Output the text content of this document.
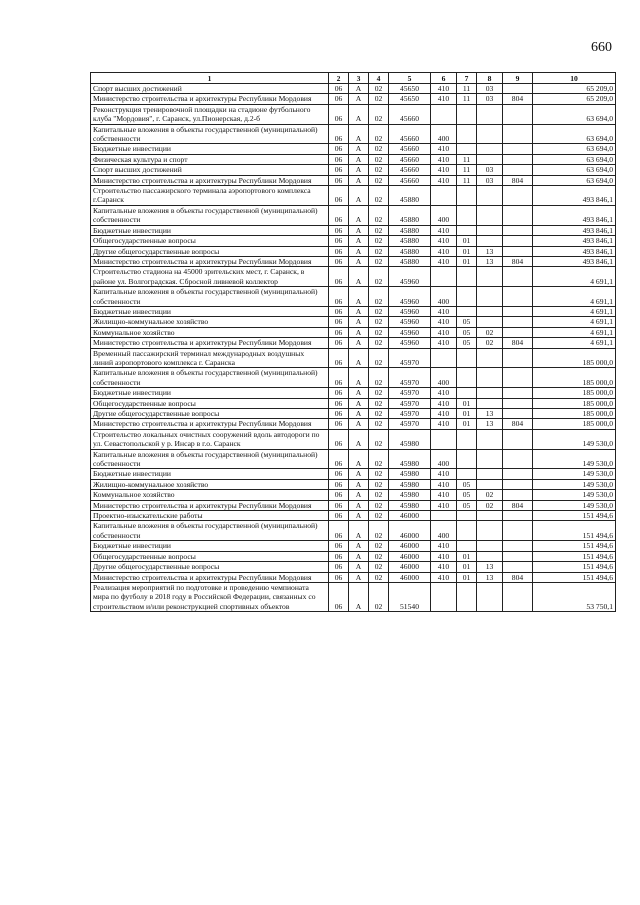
660
1	2	3	4	5	6	7	8	9	10
Спорт высших достижений	06	А	02	45650	410	11	03		65 209,0
Министерство строительства и архитектуры Республики Мордовия	06	А	02	45650	410	11	03	804	65 209,0
Реконструкция тренировочной площадки на стадионе футбольного клуба "Мордовия", г. Саранск, ул.Пионерская, д.2-б	06	А	02	45660					63 694,0
Капитальные вложения в объекты государственной (муниципальной) собственности	06	А	02	45660	400				63 694,0
Бюджетные инвестиции	06	А	02	45660	410				63 694,0
Физическая культура и спорт	06	А	02	45660	410	11			63 694,0
Спорт высших достижений	06	А	02	45660	410	11	03		63 694,0
Министерство строительства и архитектуры Республики Мордовия	06	А	02	45660	410	11	03	804	63 694,0
Строительство пассажирского терминала аэропортового комплекса г.Саранск	06	А	02	45880					493 846,1
Капитальные вложения в объекты государственной (муниципальной) собственности	06	А	02	45880	400				493 846,1
Бюджетные инвестиции	06	А	02	45880	410				493 846,1
Общегосударственные вопросы	06	А	02	45880	410	01			493 846,1
Другие общегосударственные вопросы	06	А	02	45880	410	01	13		493 846,1
Министерство строительства и архитектуры Республики Мордовия	06	А	02	45880	410	01	13	804	493 846,1
Строительство стадиона на 45000 зрительских мест, г. Саранск, в районе ул. Волгоградская. Сбросной ливневой коллектор	06	А	02	45960					4 691,1
Капитальные вложения в объекты государственной (муниципальной) собственности	06	А	02	45960	400				4 691,1
Бюджетные инвестиции	06	А	02	45960	410				4 691,1
Жилищно-коммунальное хозяйство	06	А	02	45960	410	05			4 691,1
Коммунальное хозяйство	06	А	02	45960	410	05	02		4 691,1
Министерство строительства и архитектуры Республики Мордовия	06	А	02	45960	410	05	02	804	4 691,1
Временный пассажирский терминал международных воздушных линий аэропортового комплекса г. Саранска	06	А	02	45970					185 000,0
Капитальные вложения в объекты государственной (муниципальной) собственности	06	А	02	45970	400				185 000,0
Бюджетные инвестиции	06	А	02	45970	410				185 000,0
Общегосударственные вопросы	06	А	02	45970	410	01			185 000,0
Другие общегосударственные вопросы	06	А	02	45970	410	01	13		185 000,0
Министерство строительства и архитектуры Республики Мордовия	06	А	02	45970	410	01	13	804	185 000,0
Строительство локальных очистных сооружений вдоль автодороги по ул. Севастопольской у р. Инсар в г.о. Саранск	06	А	02	45980					149 530,0
Капитальные вложения в объекты государственной (муниципальной) собственности	06	А	02	45980	400				149 530,0
Бюджетные инвестиции	06	А	02	45980	410				149 530,0
Жилищно-коммунальное хозяйство	06	А	02	45980	410	05			149 530,0
Коммунальное хозяйство	06	А	02	45980	410	05	02		149 530,0
Министерство строительства и архитектуры Республики Мордовия	06	А	02	45980	410	05	02	804	149 530,0
Проектно-изыскательские работы	06	А	02	46000					151 494,6
Капитальные вложения в объекты государственной (муниципальной) собственности	06	А	02	46000	400				151 494,6
Бюджетные инвестиции	06	А	02	46000	410				151 494,6
Общегосударственные вопросы	06	А	02	46000	410	01			151 494,6
Другие общегосударственные вопросы	06	А	02	46000	410	01	13		151 494,6
Министерство строительства и архитектуры Республики Мордовия	06	А	02	46000	410	01	13	804	151 494,6
Реализация мероприятий по подготовке и проведению чемпионата мира по футболу в 2018 году в Российской Федерации, связанных со строительством и/или реконструкцией спортивных объектов	06	А	02	51540					53 750,1
